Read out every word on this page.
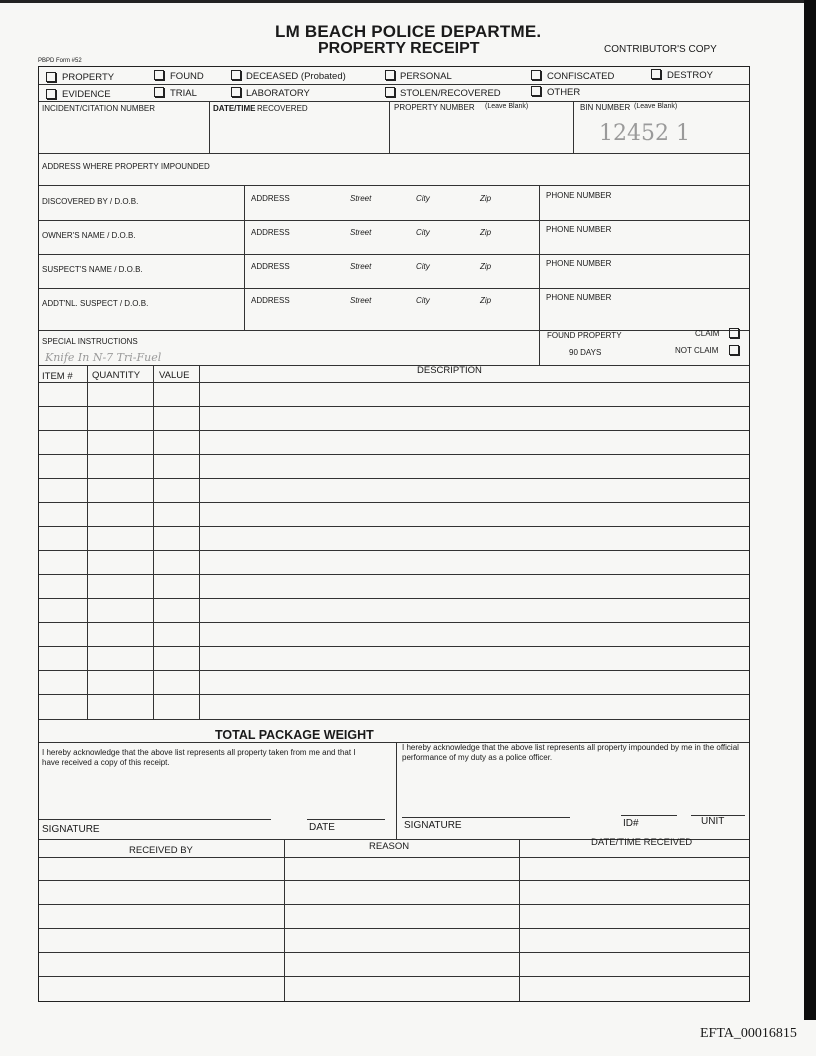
LM BEACH POLICE DEPARTME.
PROPERTY RECEIPT	CONTRIBUTOR'S COPY
PBPD Form #52
PROPERTY	FOUND	DECEASED (Probated)	PERSONAL	CONFISCATED	DESTROY
EVIDENCE	TRIAL	LABORATORY	STOLEN/RECOVERED	OTHER
INCIDENT/CITATION NUMBER	DATE/TIME RECOVERED	PROPERTY NUMBER (Leave Blank)	BIN NUMBER (Leave Blank)
12452 1
ADDRESS WHERE PROPERTY IMPOUNDED
DISCOVERED BY / D.O.B.	ADDRESS	Street	City	Zip	PHONE NUMBER
OWNER'S NAME / D.O.B.	ADDRESS	Street	City	Zip	PHONE NUMBER
SUSPECT'S NAME / D.O.B.	ADDRESS	Street	City	Zip	PHONE NUMBER
ADDT'NL. SUSPECT / D.O.B.	ADDRESS	Street	City	Zip	PHONE NUMBER
SPECIAL INSTRUCTIONS
Knife In N-7 Tri-Fuel
FOUND PROPERTY
90 DAYS
CLAIM
NOT CLAIM
ITEM # QUANTITY VALUE	DESCRIPTION
TOTAL PACKAGE WEIGHT
I hereby acknowledge that the above list represents all property taken from me and that I have received a copy of this receipt.
I hereby acknowledge that the above list represents all property impounded by me in the official performance of my duty as a police officer.
SIGNATURE	DATE	SIGNATURE	ID#	UNIT
RECEIVED BY	REASON	DATE/TIME RECEIVED
EFTA_00016815
